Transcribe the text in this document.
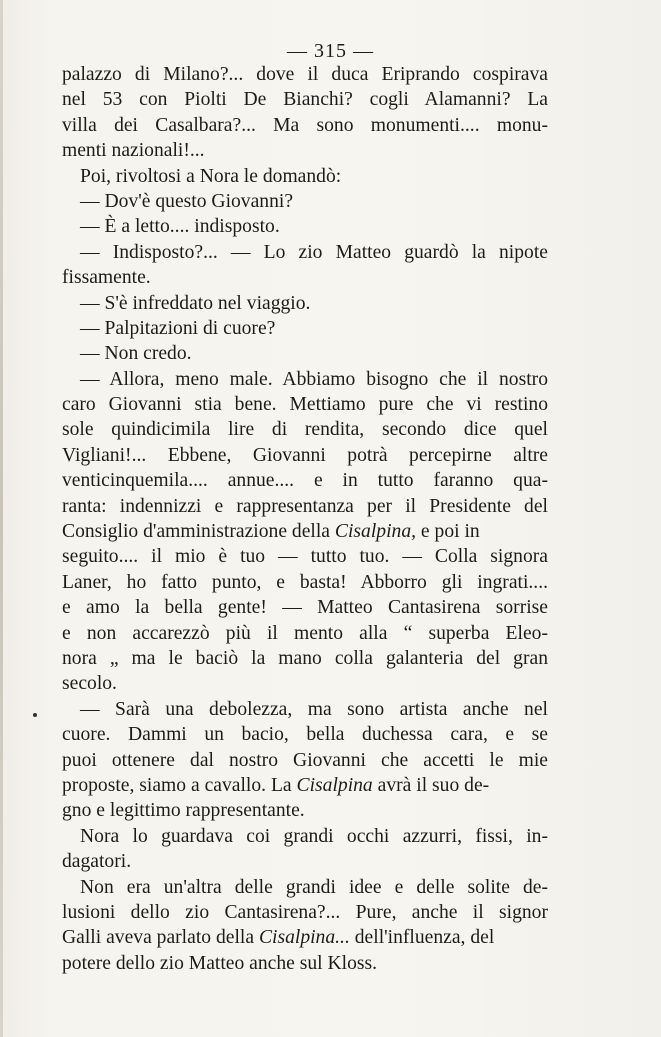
— 315 —
palazzo di Milano?... dove il duca Eriprando cospirava
nel 53 con Piolti De Bianchi? cogli Alamanni? La
villa dei Casalbara?... Ma sono monumenti.... monu-
menti nazionali!...
Poi, rivoltosi a Nora le domandò:
— Dov'è questo Giovanni?
— È a letto.... indisposto.
— Indisposto?... — Lo zio Matteo guardò la nipote
fissamente.
— S'è infreddato nel viaggio.
— Palpitazioni di cuore?
— Non credo.
— Allora, meno male. Abbiamo bisogno che il nostro
caro Giovanni stia bene. Mettiamo pure che vi restino
sole quindicimila lire di rendita, secondo dice quel
Vigliani!... Ebbene, Giovanni potrà percepirne altre
venticinquemila.... annue.... e in tutto faranno qua-
ranta: indennizzi e rappresentanza per il Presidente del
Consiglio d'amministrazione della Cisalpina, e poi in
seguito.... il mio è tuo — tutto tuo. — Colla signora
Laner, ho fatto punto, e basta! Abborro gli ingrati....
e amo la bella gente! — Matteo Cantasirena sorrise
e non accarezzò più il mento alla “ superba Eleo-
nora „ ma le baciò la mano colla galanteria del gran
secolo.
— Sarà una debolezza, ma sono artista anche nel
cuore. Dammi un bacio, bella duchessa cara, e se
puoi ottenere dal nostro Giovanni che accetti le mie
proposte, siamo a cavallo. La Cisalpina avrà il suo de-
gno e legittimo rappresentante.
Nora lo guardava coi grandi occhi azzurri, fissi, in-
dagatori.
Non era un'altra delle grandi idee e delle solite de-
lusioni dello zio Cantasirena?... Pure, anche il signor
Galli aveva parlato della Cisalpina... dell'influenza, del
potere dello zio Matteo anche sul Kloss.
